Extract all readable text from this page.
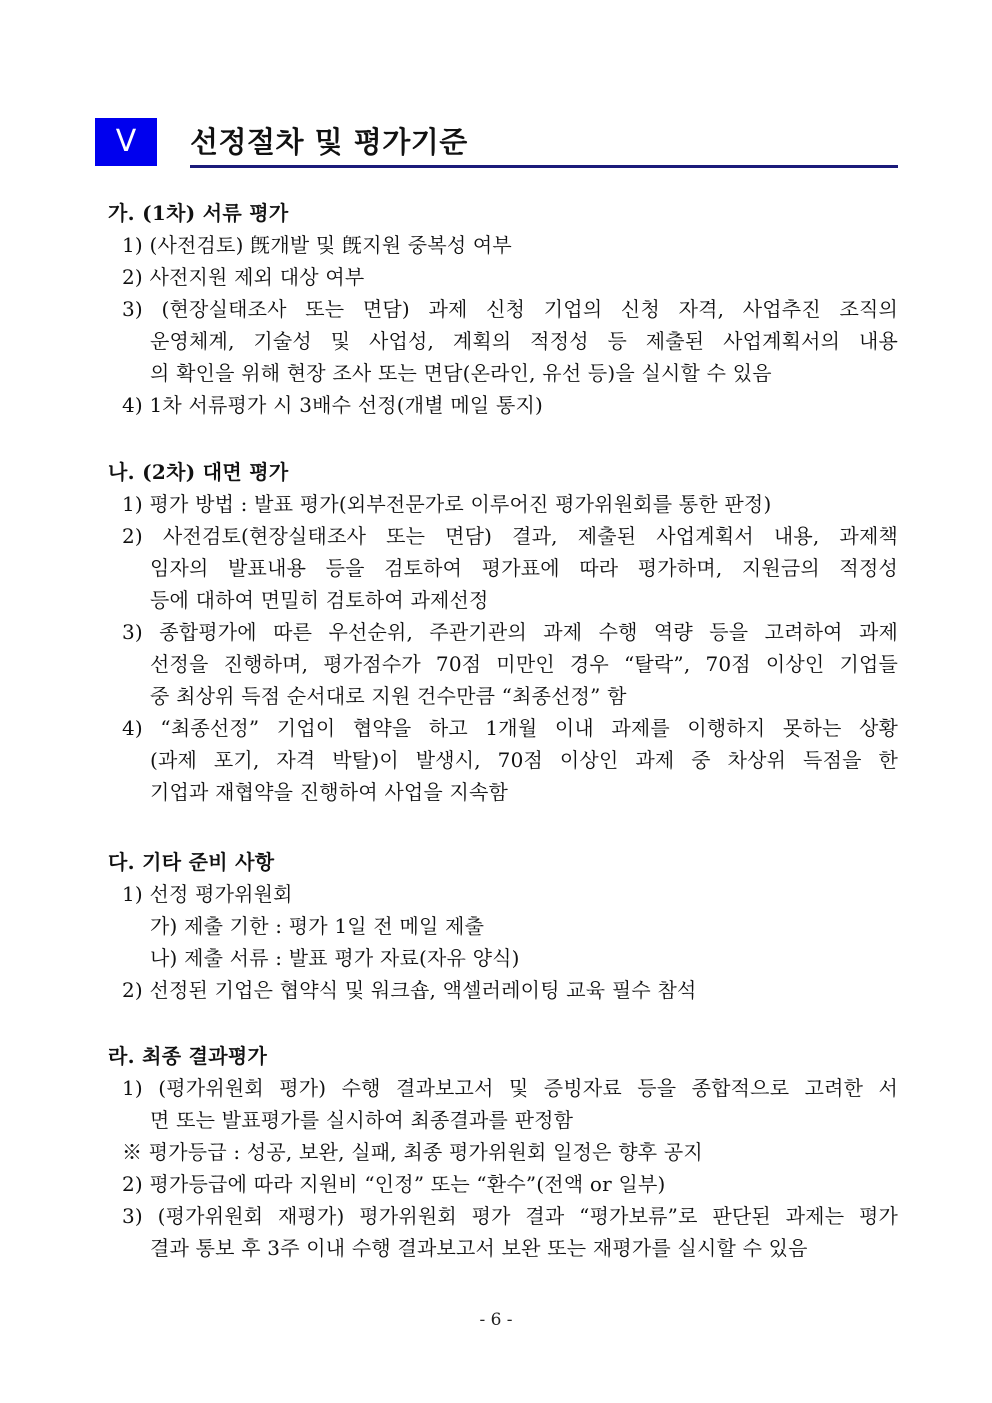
Ⅴ	선정절차 및 평가기준
가. (1차) 서류 평가
1) (사전검토) 旣개발 및 旣지원 중복성 여부
2) 사전지원 제외 대상 여부
3) (현장실태조사 또는 면담) 과제 신청 기업의 신청 자격, 사업추진 조직의
운영체계, 기술성 및 사업성, 계획의 적정성 등 제출된 사업계획서의 내용
의 확인을 위해 현장 조사 또는 면담(온라인, 유선 등)을 실시할 수 있음
4) 1차 서류평가 시 3배수 선정(개별 메일 통지)
나. (2차) 대면 평가
1) 평가 방법 : 발표 평가(외부전문가로 이루어진 평가위원회를 통한 판정)
2) 사전검토(현장실태조사 또는 면담) 결과, 제출된 사업계획서 내용, 과제책
임자의 발표내용 등을 검토하여 평가표에 따라 평가하며, 지원금의 적정성
등에 대하여 면밀히 검토하여 과제선정
3) 종합평가에 따른 우선순위, 주관기관의 과제 수행 역량 등을 고려하여 과제
선정을 진행하며, 평가점수가 70점 미만인 경우 “탈락”, 70점 이상인 기업들
중 최상위 득점 순서대로 지원 건수만큼 “최종선정” 함
4) “최종선정” 기업이 협약을 하고 1개월 이내 과제를 이행하지 못하는 상황
(과제 포기, 자격 박탈)이 발생시, 70점 이상인 과제 중 차상위 득점을 한
기업과 재협약을 진행하여 사업을 지속함
다. 기타 준비 사항
1) 선정 평가위원회
가) 제출 기한 : 평가 1일 전 메일 제출
나) 제출 서류 : 발표 평가 자료(자유 양식)
2) 선정된 기업은 협약식 및 워크숍, 액셀러레이팅 교육 필수 참석
라. 최종 결과평가
1) (평가위원회 평가) 수행 결과보고서 및 증빙자료 등을 종합적으로 고려한 서
면 또는 발표평가를 실시하여 최종결과를 판정함
※ 평가등급 : 성공, 보완, 실패, 최종 평가위원회 일정은 향후 공지
2) 평가등급에 따라 지원비 “인정” 또는 “환수”(전액 or 일부)
3) (평가위원회 재평가) 평가위원회 평가 결과 “평가보류”로 판단된 과제는 평가
결과 통보 후 3주 이내 수행 결과보고서 보완 또는 재평가를 실시할 수 있음
- 6 -
